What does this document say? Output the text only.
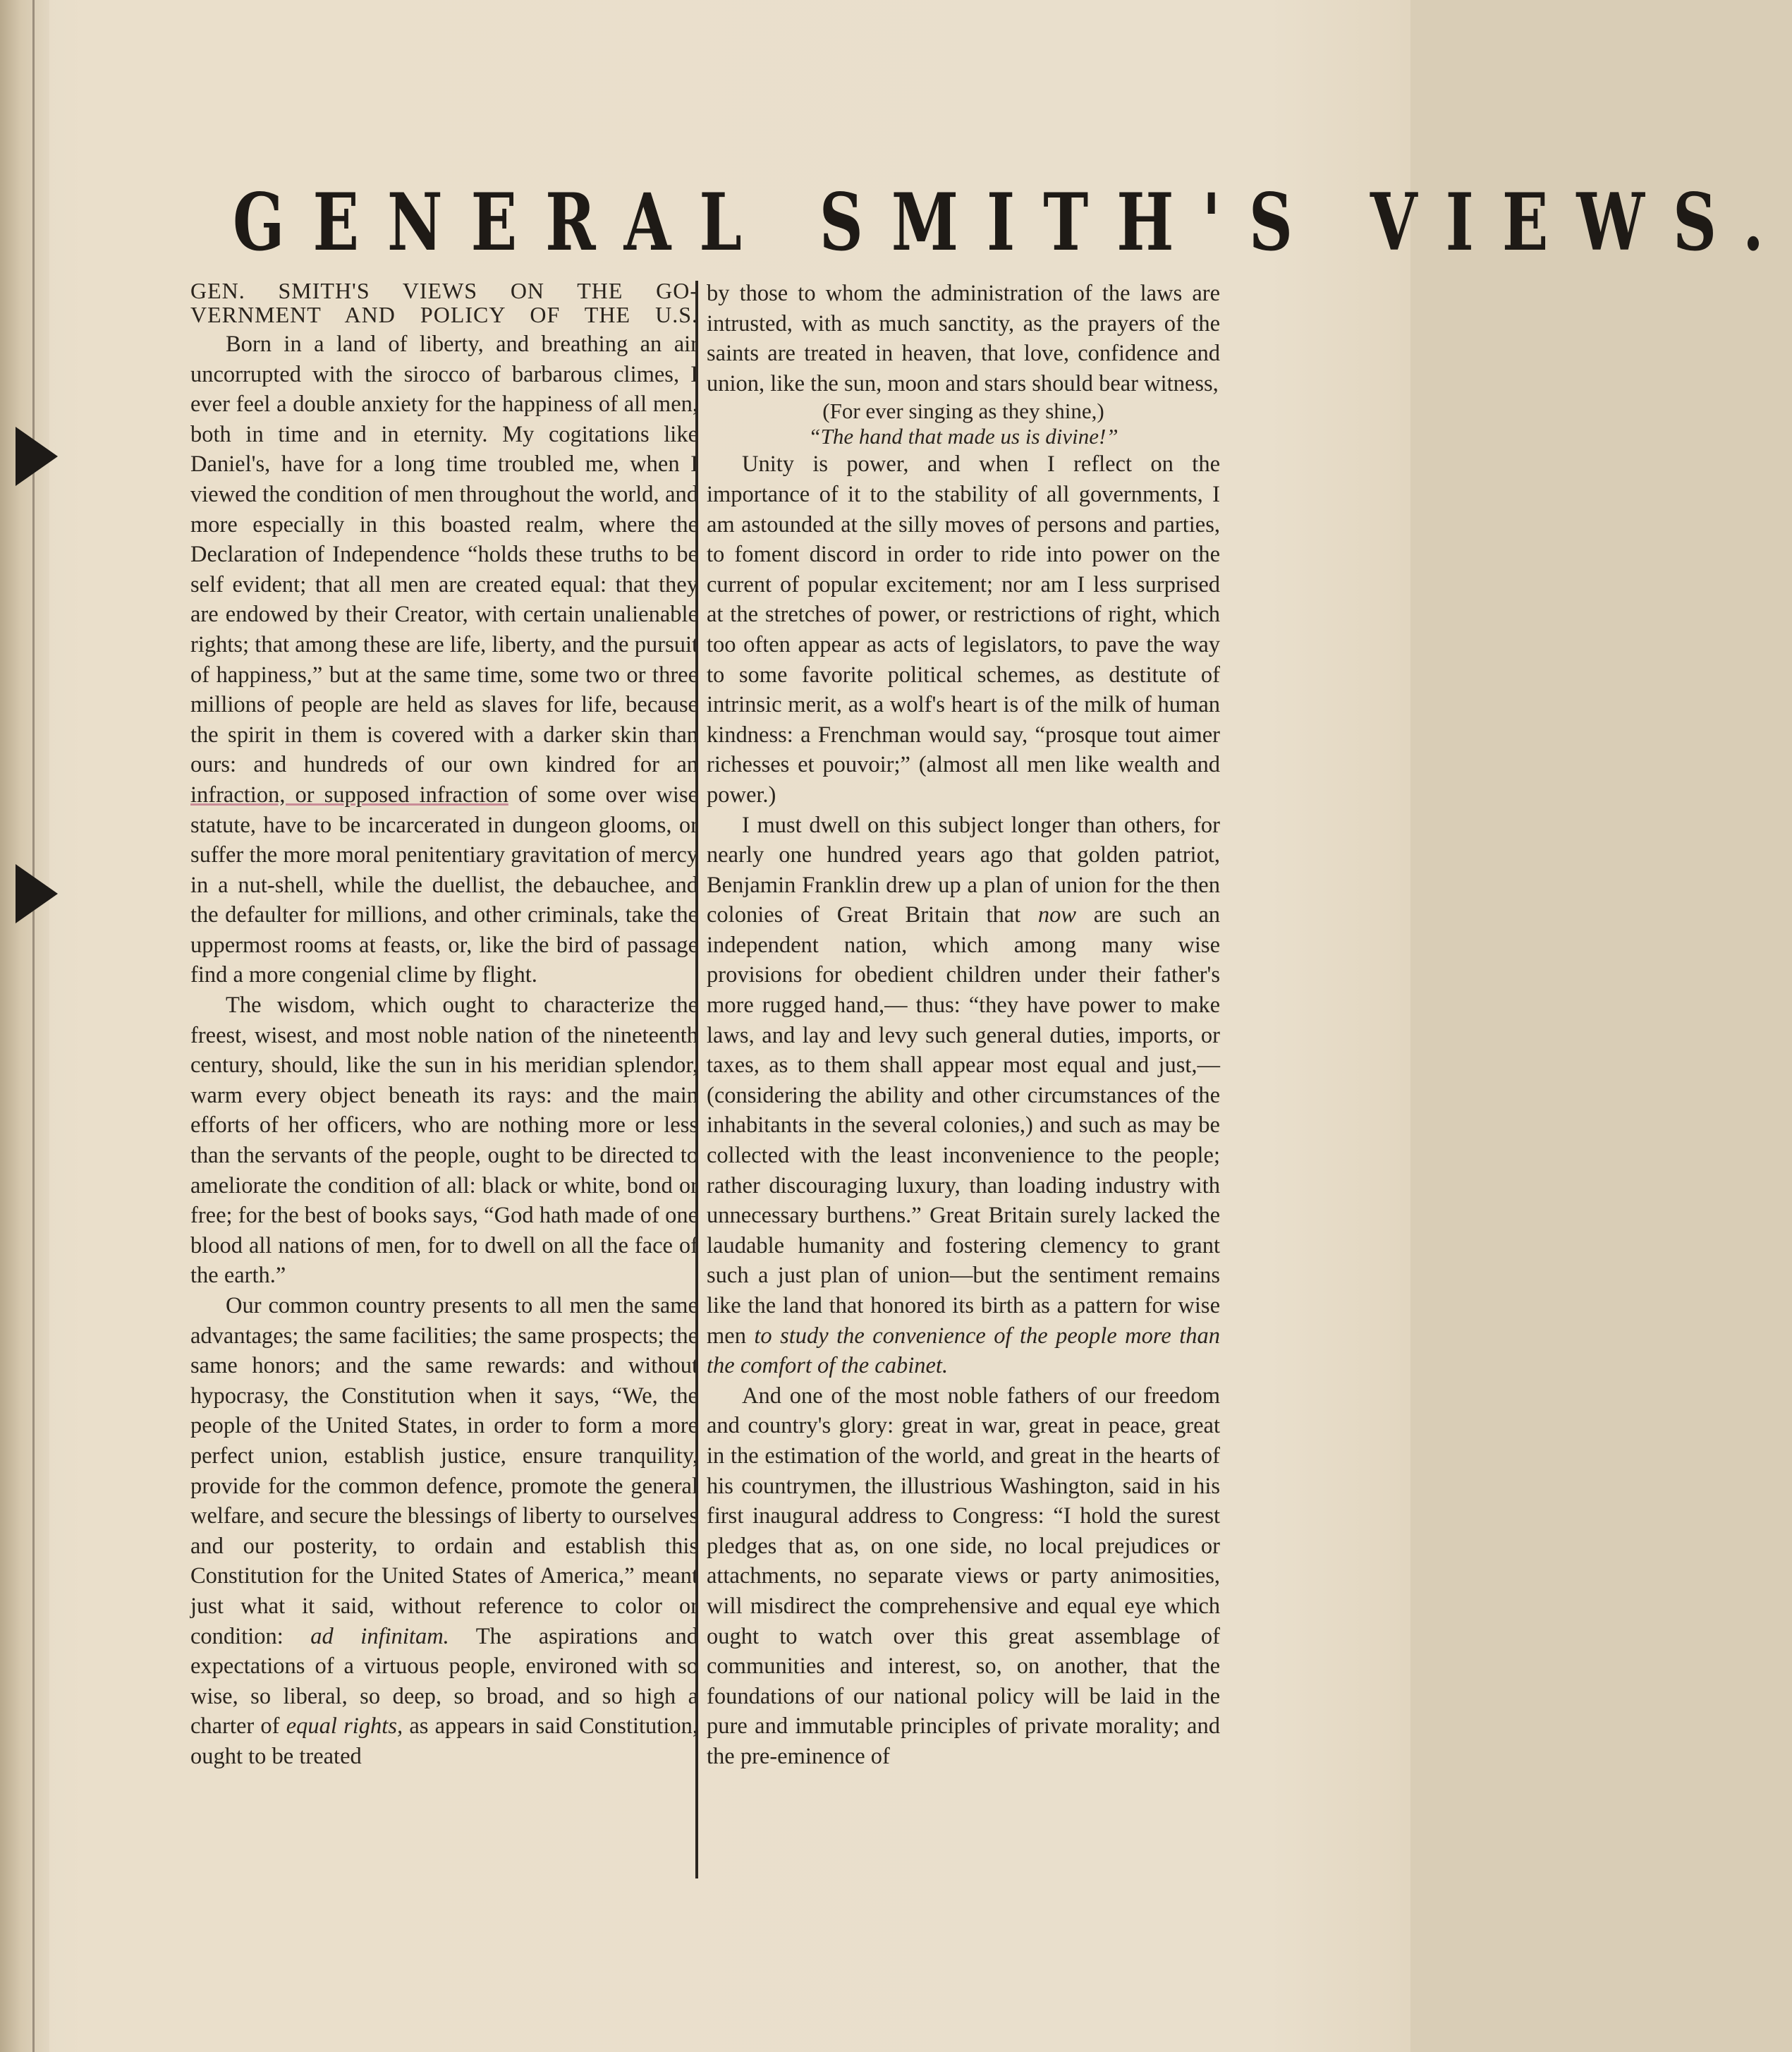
GENERAL SMITH'S VIEWS.
GEN. SMITH'S VIEWS ON THE GO-
VERNMENT AND POLICY OF THE U.S.

Born in a land of liberty, and breathing an air uncorrupted with the sirocco of barbarous climes, I ever feel a double anxiety for the happiness of all men, both in time and in eternity. My cogitations like Daniel's, have for a long time troubled me, when I viewed the condition of men throughout the world, and more especially in this boasted realm, where the Declaration of Independence “holds these truths to be self evident; that all men are created equal: that they are endowed by their Creator, with certain unalienable rights; that among these are life, liberty, and the pursuit of happiness,” but at the same time, some two or three millions of people are held as slaves for life, because the spirit in them is covered with a darker skin than ours: and hundreds of our own kindred for an infraction, or supposed infraction of some over wise statute, have to be incarcerated in dungeon glooms, or suffer the more moral penitentiary gravitation of mercy in a nut-shell, while the duellist, the debauchee, and the defaulter for millions, and other criminals, take the uppermost rooms at feasts, or, like the bird of passage find a more congenial clime by flight.

The wisdom, which ought to characterize the freest, wisest, and most noble nation of the nineteenth century, should, like the sun in his meridian splendor, warm every object beneath its rays: and the main efforts of her officers, who are nothing more or less than the servants of the people, ought to be directed to ameliorate the condition of all: black or white, bond or free; for the best of books says, “God hath made of one blood all nations of men, for to dwell on all the face of the earth.”

Our common country presents to all men the same advantages; the same facilities; the same prospects; the same honors; and the same rewards: and without hypocrasy, the Constitution when it says, “We, the people of the United States, in order to form a more perfect union, establish justice, ensure tranquility, provide for the common defence, promote the general welfare, and secure the blessings of liberty to ourselves and our posterity, to ordain and establish this Constitution for the United States of America,” meant just what it said, without reference to color or condition: ad infinitam. The aspirations and expectations of a virtuous people, environed with so wise, so liberal, so deep, so broad, and so high a charter of equal rights, as appears in said Constitution, ought to be treated

by those to whom the administration of the laws are intrusted, with as much sanctity, as the prayers of the saints are treated in heaven, that love, confidence and union, like the sun, moon and stars should bear witness,

(For ever singing as they shine,)

“The hand that made us is divine!”

Unity is power, and when I reflect on the importance of it to the stability of all governments, I am astounded at the silly moves of persons and parties, to foment discord in order to ride into power on the current of popular excitement; nor am I less surprised at the stretches of power, or restrictions of right, which too often appear as acts of legislators, to pave the way to some favorite political schemes, as destitute of intrinsic merit, as a wolf's heart is of the milk of human kindness: a Frenchman would say, “prosque tout aimer richesses et pouvoir;” (almost all men like wealth and power.)

I must dwell on this subject longer than others, for nearly one hundred years ago that golden patriot, Benjamin Franklin drew up a plan of union for the then colonies of Great Britain that now are such an independent nation, which among many wise provisions for obedient children under their father's more rugged hand,— thus: “they have power to make laws, and lay and levy such general duties, imports, or taxes, as to them shall appear most equal and just,— (considering the ability and other circumstances of the inhabitants in the several colonies,) and such as may be collected with the least inconvenience to the people; rather discouraging luxury, than loading industry with unnecessary burthens.” Great Britain surely lacked the laudable humanity and fostering clemency to grant such a just plan of union—but the sentiment remains like the land that honored its birth as a pattern for wise men to study the convenience of the people more than the comfort of the cabinet.

And one of the most noble fathers of our freedom and country's glory: great in war, great in peace, great in the estimation of the world, and great in the hearts of his countrymen, the illustrious Washington, said in his first inaugural address to Congress: “I hold the surest pledges that as, on one side, no local prejudices or attachments, no separate views or party animosities, will misdirect the comprehensive and equal eye which ought to watch over this great assemblage of communities and interest, so, on another, that the foundations of our national policy will be laid in the pure and immutable principles of private morality; and the pre-eminence of
